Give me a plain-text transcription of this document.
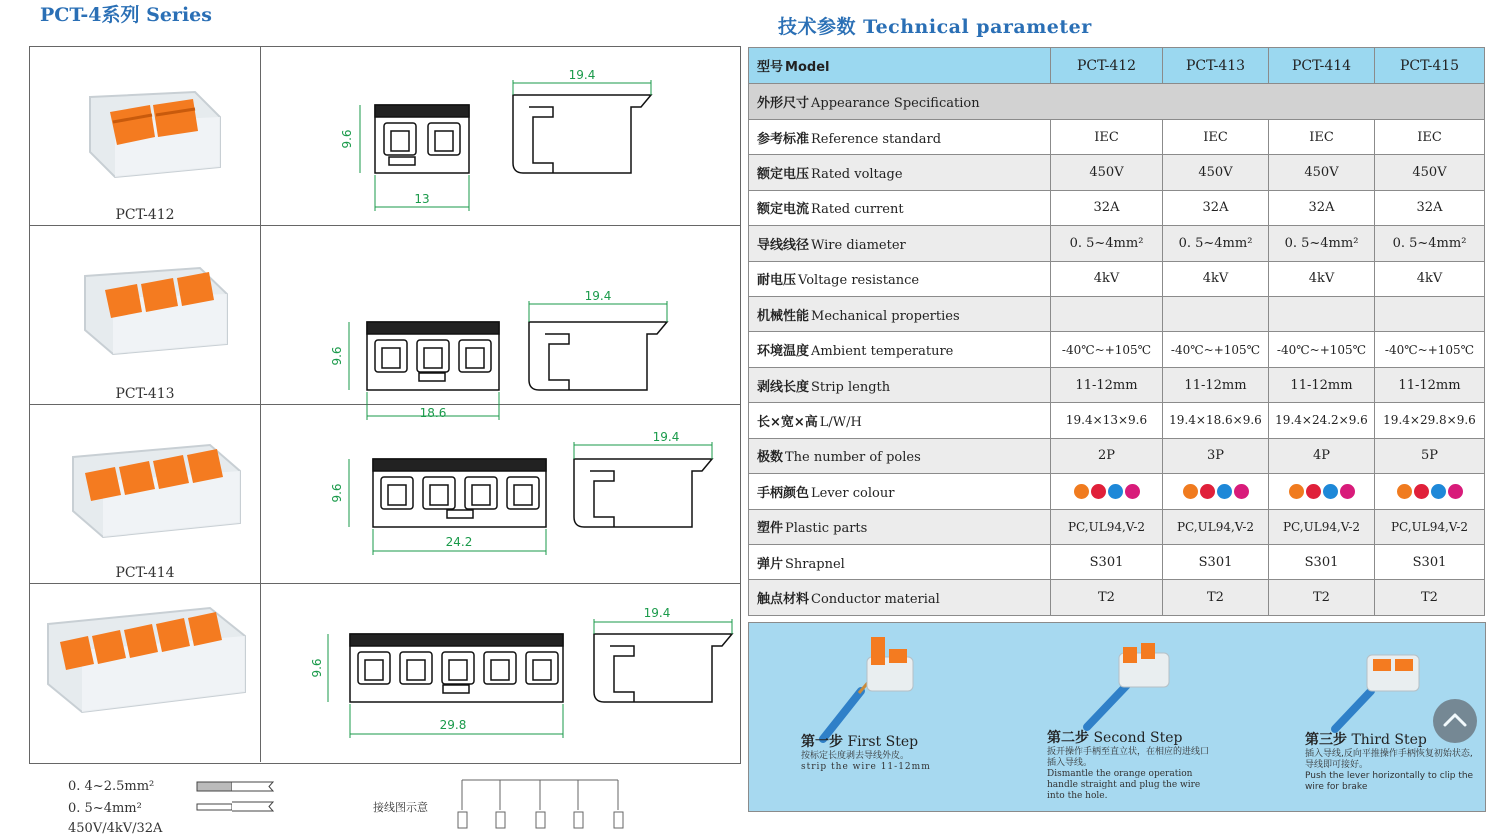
PCT-4系列 Series
技术参数 Technical parameter
PCT-412
9.6
13
19.4
PCT-413
9.6
18.6
19.4
PCT-414
9.6
24.2
19.4
9.6
29.8
19.4
0. 4~2.5mm²
0. 5~4mm²
450V/4kV/32A
接线图示意
型号 Model	PCT-412	PCT-413	PCT-414	PCT-415
外形尺寸 Appearance Specification				
参考标准 Reference standard	IEC	IEC	IEC	IEC
额定电压 Rated voltage	450V	450V	450V	450V
额定电流 Rated current	32A	32A	32A	32A
导线线径 Wire diameter	0. 5~4mm²	0. 5~4mm²	0. 5~4mm²	0. 5~4mm²
耐电压 Voltage resistance	4kV	4kV	4kV	4kV
机械性能 Mechanical properties				
环境温度 Ambient temperature	-40℃~+105℃	-40℃~+105℃	-40℃~+105℃	-40℃~+105℃
剥线长度 Strip length	11-12mm	11-12mm	11-12mm	11-12mm
长×宽×高 L/W/H	19.4×13×9.6	19.4×18.6×9.6	19.4×24.2×9.6	19.4×29.8×9.6
极数 The number of poles	2P	3P	4P	5P
手柄颜色 Lever colour				
塑件 Plastic parts	PC,UL94,V-2	PC,UL94,V-2	PC,UL94,V-2	PC,UL94,V-2
弹片 Shrapnel	S301	S301	S301	S301
触点材料 Conductor material	T2	T2	T2	T2
第一步 First Step
按标定长度剥去导线外皮。
strip the wire 11-12mm
第二步 Second Step
扳开操作手柄至直立状，在相应的进线口插入导线。
Dismantle the orange operation handle straight and plug the wire into the hole.
第三步 Third Step
插入导线,反向平推操作手柄恢复初始状态,导线即可接好。
Push the lever horizontally to clip the wire for brake
